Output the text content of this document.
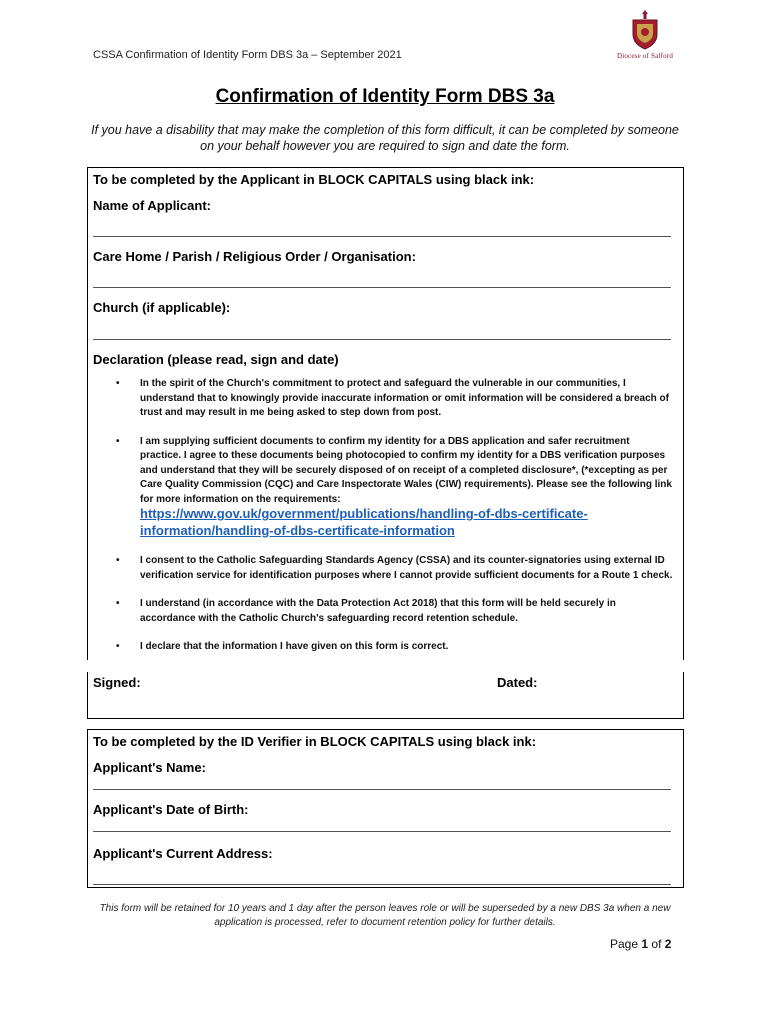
CSSA Confirmation of Identity Form DBS 3a – September 2021	Diocese of Salford
Confirmation of Identity Form DBS 3a
If you have a disability that may make the completion of this form difficult, it can be completed by someone on your behalf however you are required to sign and date the form.
To be completed by the Applicant in BLOCK CAPITALS using black ink:
Name of Applicant:
Care Home / Parish / Religious Order / Organisation:
Church (if applicable):
Declaration (please read, sign and date)
• In the spirit of the Church's commitment to protect and safeguard the vulnerable in our communities, I understand that to knowingly provide inaccurate information or omit information will be considered a breach of trust and may result in me being asked to step down from post.
• I am supplying sufficient documents to confirm my identity for a DBS application and safer recruitment practice. I agree to these documents being photocopied to confirm my identity for a DBS verification purposes and understand that they will be securely disposed of on receipt of a completed disclosure*, (*excepting as per Care Quality Commission (CQC) and Care Inspectorate Wales (CIW) requirements). Please see the following link for more information on the requirements: https://www.gov.uk/government/publications/handling-of-dbs-certificate-information/handling-of-dbs-certificate-information
• I consent to the Catholic Safeguarding Standards Agency (CSSA) and its counter-signatories using external ID verification service for identification purposes where I cannot provide sufficient documents for a Route 1 check.
• I understand (in accordance with the Data Protection Act 2018) that this form will be held securely in accordance with the Catholic Church's safeguarding record retention schedule.
• I declare that the information I have given on this form is correct.
Signed:	Dated:
To be completed by the ID Verifier in BLOCK CAPITALS using black ink:
Applicant's Name:
Applicant's Date of Birth:
Applicant's Current Address:
This form will be retained for 10 years and 1 day after the person leaves role or will be superseded by a new DBS 3a when a new application is processed, refer to document retention policy for further details.
Page 1 of 2
